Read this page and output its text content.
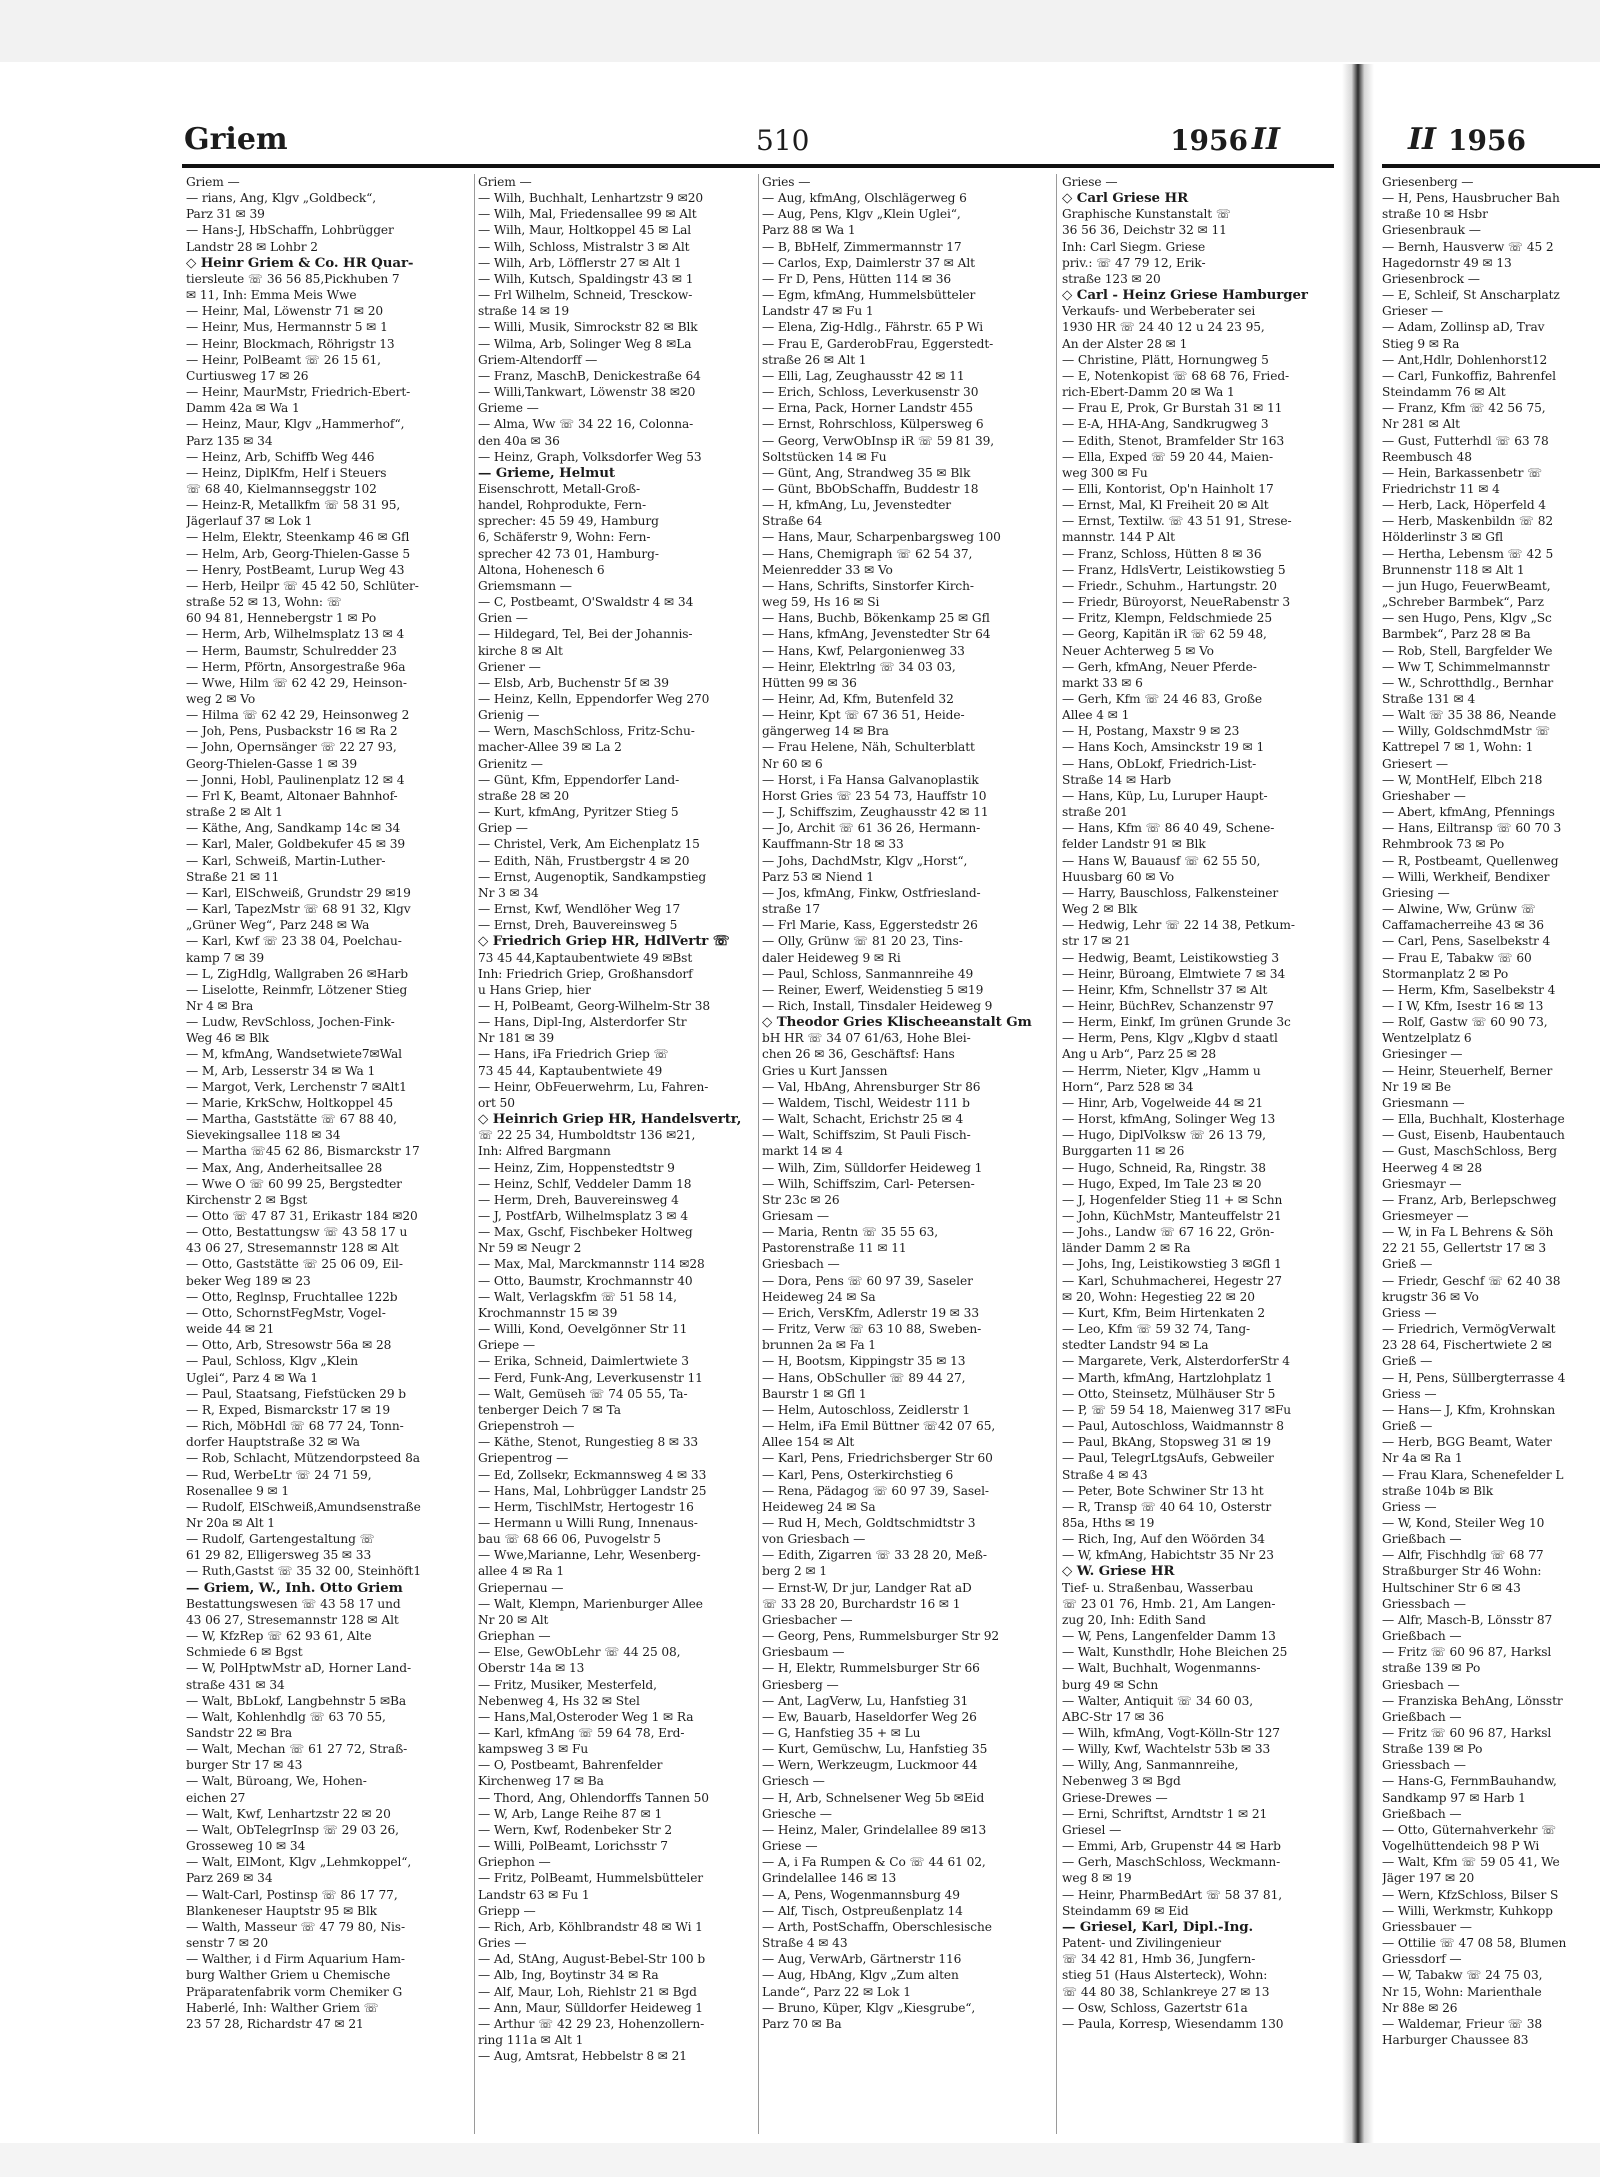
Griem	510	1956 II	II 1956
Griem —
— rians, Ang, Klgv „Goldbeck“,
Parz 31 ✉ 39
— Hans-J, HbSchaffn, Lohbrügger
Landstr 28 ✉ Lohbr 2
◇ Heinr Griem & Co. HR Quar-
tiersleute ☏ 36 56 85,Pickhuben 7
✉ 11, Inh: Emma Meis Wwe
— Heinr, Mal, Löwenstr 71 ✉ 20
— Heinr, Mus, Hermannstr 5 ✉ 1
— Heinr, Blockmach, Röhrigstr 13
— Heinr, PolBeamt ☏ 26 15 61,
Curtiusweg 17 ✉ 26
— Heinr, MaurMstr, Friedrich-Ebert-
Damm 42a ✉ Wa 1
— Heinz, Maur, Klgv „Hammerhof“,
Parz 135 ✉ 34
— Heinz, Arb, Schiffb Weg 446
— Heinz, DiplKfm, Helf i Steuers
☏ 68 40, Kielmannseggstr 102
— Heinz-R, Metallkfm ☏ 58 31 95,
Jägerlauf 37 ✉ Lok 1
— Helm, Elektr, Steenkamp 46 ✉ Gfl
— Helm, Arb, Georg-Thielen-Gasse 5
— Henry, PostBeamt, Lurup Weg 43
— Herb, Heilpr ☏ 45 42 50, Schlüter-
straße 52 ✉ 13, Wohn: ☏
60 94 81, Hennebergstr 1 ✉ Po
— Herm, Arb, Wilhelmsplatz 13 ✉ 4
— Herm, Baumstr, Schulredder 23
— Herm, Pförtn, Ansorgestraße 96a
— Wwe, Hilm ☏ 62 42 29, Heinson-
weg 2 ✉ Vo
— Hilma ☏ 62 42 29, Heinsonweg 2
— Joh, Pens, Pusbackstr 16 ✉ Ra 2
— John, Opernsänger ☏ 22 27 93,
Georg-Thielen-Gasse 1 ✉ 39
— Jonni, Hobl, Paulinenplatz 12 ✉ 4
— Frl K, Beamt, Altonaer Bahnhof-
straße 2 ✉ Alt 1
— Käthe, Ang, Sandkamp 14c ✉ 34
— Karl, Maler, Goldbekufer 45 ✉ 39
— Karl, Schweiß, Martin-Luther-
Straße 21 ✉ 11
— Karl, ElSchweiß, Grundstr 29 ✉19
— Karl, TapezMstr ☏ 68 91 32, Klgv
„Grüner Weg“, Parz 248 ✉ Wa
— Karl, Kwf ☏ 23 38 04, Poelchau-
kamp 7 ✉ 39
— L, ZigHdlg, Wallgraben 26 ✉Harb
— Liselotte, Reinmfr, Lötzener Stieg
Nr 4 ✉ Bra
— Ludw, RevSchloss, Jochen-Fink-
Weg 46 ✉ Blk
— M, kfmAng, Wandsetwiete7✉Wal
— M, Arb, Lesserstr 34 ✉ Wa 1
— Margot, Verk, Lerchenstr 7 ✉Alt1
— Marie, KrkSchw, Holtkoppel 45
— Martha, Gaststätte ☏ 67 88 40,
Sievekingsallee 118 ✉ 34
— Martha ☏45 62 86, Bismarckstr 17
— Max, Ang, Anderheitsallee 28
— Wwe O ☏ 60 99 25, Bergstedter
Kirchenstr 2 ✉ Bgst
— Otto ☏ 47 87 31, Erikastr 184 ✉20
— Otto, Bestattungsw ☏ 43 58 17 u
43 06 27, Stresemannstr 128 ✉ Alt
— Otto, Gaststätte ☏ 25 06 09, Eil-
beker Weg 189 ✉ 23
— Otto, Reglnsp, Fruchtallee 122b
— Otto, SchornstFegMstr, Vogel-
weide 44 ✉ 21
— Otto, Arb, Stresowstr 56a ✉ 28
— Paul, Schloss, Klgv „Klein
Uglei“, Parz 4 ✉ Wa 1
— Paul, Staatsang, Fiefstücken 29 b
— R, Exped, Bismarckstr 17 ✉ 19
— Rich, MöbHdl ☏ 68 77 24, Tonn-
dorfer Hauptstraße 32 ✉ Wa
— Rob, Schlacht, Mützendorpsteed 8a
— Rud, WerbeLtr ☏ 24 71 59,
Rosenallee 9 ✉ 1
— Rudolf, ElSchweiß,Amundsenstraße
Nr 20a ✉ Alt 1
— Rudolf, Gartengestaltung ☏
61 29 82, Elligersweg 35 ✉ 33
— Ruth,Gastst ☏ 35 32 00, Steinhöft1
— Griem, W., Inh. Otto Griem
Bestattungswesen ☏ 43 58 17 und
43 06 27, Stresemannstr 128 ✉ Alt
— W, KfzRep ☏ 62 93 61, Alte
Schmiede 6 ✉ Bgst
— W, PolHptwMstr aD, Horner Land-
straße 431 ✉ 34
— Walt, BbLokf, Langbehnstr 5 ✉Ba
— Walt, Kohlenhdlg ☏ 63 70 55,
Sandstr 22 ✉ Bra
— Walt, Mechan ☏ 61 27 72, Straß-
burger Str 17 ✉ 43
— Walt, Büroang, We, Hohen-
eichen 27
— Walt, Kwf, Lenhartzstr 22 ✉ 20
— Walt, ObTelegrInsp ☏ 29 03 26,
Grosseweg 10 ✉ 34
— Walt, ElMont, Klgv „Lehmkoppel“,
Parz 269 ✉ 34
— Walt-Carl, Postinsp ☏ 86 17 77,
Blankeneser Hauptstr 95 ✉ Blk
— Walth, Masseur ☏ 47 79 80, Nis-
senstr 7 ✉ 20
— Walther, i d Firm Aquarium Ham-
burg Walther Griem u Chemische
Präparatenfabrik vorm Chemiker G
Haberlé, Inh: Walther Griem ☏
23 57 28, Richardstr 47 ✉ 21
Griem —
— Wilh, Buchhalt, Lenhartzstr 9 ✉20
— Wilh, Mal, Friedensallee 99 ✉ Alt
— Wilh, Maur, Holtkoppel 45 ✉ Lal
— Wilh, Schloss, Mistralstr 3 ✉ Alt
— Wilh, Arb, Löfflerstr 27 ✉ Alt 1
— Wilh, Kutsch, Spaldingstr 43 ✉ 1
— Frl Wilhelm, Schneid, Tresckow-
straße 14 ✉ 19
— Willi, Musik, Simrockstr 82 ✉ Blk
— Wilma, Arb, Solinger Weg 8 ✉La
Griem-Altendorff —
— Franz, MaschB, Denickestraße 64
— Willi,Tankwart, Löwenstr 38 ✉20
Grieme —
— Alma, Ww ☏ 34 22 16, Colonna-
den 40a ✉ 36
— Heinz, Graph, Volksdorfer Weg 53
— Grieme, Helmut
Eisenschrott, Metall-Groß-
handel, Rohprodukte, Fern-
sprecher: 45 59 49, Hamburg
6, Schäferstr 9, Wohn: Fern-
sprecher 42 73 01, Hamburg-
Altona, Hohenesch 6
Griemsmann —
— C, Postbeamt, O'Swaldstr 4 ✉ 34
Grien —
— Hildegard, Tel, Bei der Johannis-
kirche 8 ✉ Alt
Griener —
— Elsb, Arb, Buchenstr 5f ✉ 39
— Heinz, Kelln, Eppendorfer Weg 270
Grienig —
— Wern, MaschSchloss, Fritz-Schu-
macher-Allee 39 ✉ La 2
Grienitz —
— Günt, Kfm, Eppendorfer Land-
straße 28 ✉ 20
— Kurt, kfmAng, Pyritzer Stieg 5
Griep —
— Christel, Verk, Am Eichenplatz 15
— Edith, Näh, Frustbergstr 4 ✉ 20
— Ernst, Augenoptik, Sandkampstieg
Nr 3 ✉ 34
— Ernst, Kwf, Wendlöher Weg 17
— Ernst, Dreh, Bauvereinsweg 5
◇ Friedrich Griep HR, HdlVertr ☏
73 45 44,Kaptaubentwiete 49 ✉Bst
Inh: Friedrich Griep, Großhansdorf
u Hans Griep, hier
— H, PolBeamt, Georg-Wilhelm-Str 38
— Hans, Dipl-Ing, Alsterdorfer Str
Nr 181 ✉ 39
— Hans, iFa Friedrich Griep ☏
73 45 44, Kaptaubentwiete 49
— Heinr, ObFeuerwehrm, Lu, Fahren-
ort 50
◇ Heinrich Griep HR, Handelsvertr,
☏ 22 25 34, Humboldtstr 136 ✉21,
Inh: Alfred Bargmann
— Heinz, Zim, Hoppenstedtstr 9
— Heinz, Schlf, Veddeler Damm 18
— Herm, Dreh, Bauvereinsweg 4
— J, PostfArb, Wilhelmsplatz 3 ✉ 4
— Max, Gschf, Fischbeker Holtweg
Nr 59 ✉ Neugr 2
— Max, Mal, Marckmannstr 114 ✉28
— Otto, Baumstr, Krochmannstr 40
— Walt, Verlagskfm ☏ 51 58 14,
Krochmannstr 15 ✉ 39
— Willi, Kond, Oevelgönner Str 11
Griepe —
— Erika, Schneid, Daimlertwiete 3
— Ferd, Funk-Ang, Leverkusenstr 11
— Walt, Gemüseh ☏ 74 05 55, Ta-
tenberger Deich 7 ✉ Ta
Griepenstroh —
— Käthe, Stenot, Rungestieg 8 ✉ 33
Griepentrog —
— Ed, Zollsekr, Eckmannsweg 4 ✉ 33
— Hans, Mal, Lohbrügger Landstr 25
— Herm, TischlMstr, Hertogestr 16
— Hermann u Willi Rung, Innenaus-
bau ☏ 68 66 06, Puvogelstr 5
— Wwe,Marianne, Lehr, Wesenberg-
allee 4 ✉ Ra 1
Griepernau —
— Walt, Klempn, Marienburger Allee
Nr 20 ✉ Alt
Griephan —
— Else, GewObLehr ☏ 44 25 08,
Oberstr 14a ✉ 13
— Fritz, Musiker, Mesterfeld,
Nebenweg 4, Hs 32 ✉ Stel
— Hans,Mal,Osteroder Weg 1 ✉ Ra
— Karl, kfmAng ☏ 59 64 78, Erd-
kampsweg 3 ✉ Fu
— O, Postbeamt, Bahrenfelder
Kirchenweg 17 ✉ Ba
— Thord, Ang, Ohlendorffs Tannen 50
— W, Arb, Lange Reihe 87 ✉ 1
— Wern, Kwf, Rodenbeker Str 2
— Willi, PolBeamt, Lorichsstr 7
Griephon —
— Fritz, PolBeamt, Hummelsbütteler
Landstr 63 ✉ Fu 1
Griepp —
— Rich, Arb, Köhlbrandstr 48 ✉ Wi 1
Gries —
— Ad, StAng, August-Bebel-Str 100 b
— Alb, Ing, Boytinstr 34 ✉ Ra
— Alf, Maur, Loh, Riehlstr 21 ✉ Bgd
— Ann, Maur, Sülldorfer Heideweg 1
— Arthur ☏ 42 29 23, Hohenzollern-
ring 111a ✉ Alt 1
— Aug, Amtsrat, Hebbelstr 8 ✉ 21
Gries —
— Aug, kfmAng, Olschlägerweg 6
— Aug, Pens, Klgv „Klein Uglei“,
Parz 88 ✉ Wa 1
— B, BbHelf, Zimmermannstr 17
— Carlos, Exp, Daimlerstr 37 ✉ Alt
— Fr D, Pens, Hütten 114 ✉ 36
— Egm, kfmAng, Hummelsbütteler
Landstr 47 ✉ Fu 1
— Elena, Zig-Hdlg., Fährstr. 65 P Wi
— Frau E, GarderobFrau, Eggerstedt-
straße 26 ✉ Alt 1
— Elli, Lag, Zeughausstr 42 ✉ 11
— Erich, Schloss, Leverkusenstr 30
— Erna, Pack, Horner Landstr 455
— Ernst, Rohrschloss, Külpersweg 6
— Georg, VerwObInsp iR ☏ 59 81 39,
Soltstücken 14 ✉ Fu
— Günt, Ang, Strandweg 35 ✉ Blk
— Günt, BbObSchaffn, Buddestr 18
— H, kfmAng, Lu, Jevenstedter
Straße 64
— Hans, Maur, Scharpenbargsweg 100
— Hans, Chemigraph ☏ 62 54 37,
Meienredder 33 ✉ Vo
— Hans, Schrifts, Sinstorfer Kirch-
weg 59, Hs 16 ✉ Si
— Hans, Buchb, Bökenkamp 25 ✉ Gfl
— Hans, kfmAng, Jevenstedter Str 64
— Hans, Kwf, Pelargonienweg 33
— Heinr, Elektrlng ☏ 34 03 03,
Hütten 99 ✉ 36
— Heinr, Ad, Kfm, Butenfeld 32
— Heinr, Kpt ☏ 67 36 51, Heide-
gängerweg 14 ✉ Bra
— Frau Helene, Näh, Schulterblatt
Nr 60 ✉ 6
— Horst, i Fa Hansa Galvanoplastik
Horst Gries ☏ 23 54 73, Hauffstr 10
— J, Schiffszim, Zeughausstr 42 ✉ 11
— Jo, Archit ☏ 61 36 26, Hermann-
Kauffmann-Str 18 ✉ 33
— Johs, DachdMstr, Klgv „Horst“,
Parz 53 ✉ Niend 1
— Jos, kfmAng, Finkw, Ostfriesland-
straße 17
— Frl Marie, Kass, Eggerstedstr 26
— Olly, Grünw ☏ 81 20 23, Tins-
daler Heideweg 9 ✉ Ri
— Paul, Schloss, Sanmannreihe 49
— Reiner, Ewerf, Weidenstieg 5 ✉19
— Rich, Install, Tinsdaler Heideweg 9
◇ Theodor Gries Klischeeanstalt Gm
bH HR ☏ 34 07 61/63, Hohe Blei-
chen 26 ✉ 36, Geschäftsf: Hans
Gries u Kurt Janssen
— Val, HbAng, Ahrensburger Str 86
— Waldem, Tischl, Weidestr 111 b
— Walt, Schacht, Erichstr 25 ✉ 4
— Walt, Schiffszim, St Pauli Fisch-
markt 14 ✉ 4
— Wilh, Zim, Sülldorfer Heideweg 1
— Wilh, Schiffszim, Carl- Petersen-
Str 23c ✉ 26
Griesam —
— Maria, Rentn ☏ 35 55 63,
Pastorenstraße 11 ✉ 11
Griesbach —
— Dora, Pens ☏ 60 97 39, Saseler
Heideweg 24 ✉ Sa
— Erich, VersKfm, Adlerstr 19 ✉ 33
— Fritz, Verw ☏ 63 10 88, Sweben-
brunnen 2a ✉ Fa 1
— H, Bootsm, Kippingstr 35 ✉ 13
— Hans, ObSchuller ☏ 89 44 27,
Baurstr 1 ✉ Gfl 1
— Helm, Autoschloss, Zeidlerstr 1
— Helm, iFa Emil Büttner ☏42 07 65,
Allee 154 ✉ Alt
— Karl, Pens, Friedrichsberger Str 60
— Karl, Pens, Osterkirchstieg 6
— Rena, Pädagog ☏ 60 97 39, Sasel-
Heideweg 24 ✉ Sa
— Rud H, Mech, Goldtschmidtstr 3
von Griesbach —
— Edith, Zigarren ☏ 33 28 20, Meß-
berg 2 ✉ 1
— Ernst-W, Dr jur, Landger Rat aD
☏ 33 28 20, Burchardstr 16 ✉ 1
Griesbacher —
— Georg, Pens, Rummelsburger Str 92
Griesbaum —
— H, Elektr, Rummelsburger Str 66
Griesberg —
— Ant, LagVerw, Lu, Hanfstieg 31
— Ew, Bauarb, Haseldorfer Weg 26
— G, Hanfstieg 35 + ✉ Lu
— Kurt, Gemüschw, Lu, Hanfstieg 35
— Wern, Werkzeugm, Luckmoor 44
Griesch —
— H, Arb, Schnelsener Weg 5b ✉Eid
Griesche —
— Heinz, Maler, Grindelallee 89 ✉13
Griese —
— A, i Fa Rumpen & Co ☏ 44 61 02,
Grindelallee 146 ✉ 13
— A, Pens, Wogenmannsburg 49
— Alf, Tisch, Ostpreußenplatz 14
— Arth, PostSchaffn, Oberschlesische
Straße 4 ✉ 43
— Aug, VerwArb, Gärtnerstr 116
— Aug, HbAng, Klgv „Zum alten
Lande“, Parz 22 ✉ Lok 1
— Bruno, Küper, Klgv „Kiesgrube“,
Parz 70 ✉ Ba
Griese —
◇ Carl Griese HR
Graphische Kunstanstalt ☏
36 56 36, Deichstr 32 ✉ 11
Inh: Carl Siegm. Griese
priv.: ☏ 47 79 12, Erik-
straße 123 ✉ 20
◇ Carl - Heinz Griese Hamburger
Verkaufs- und Werbeberater sei
1930 HR ☏ 24 40 12 u 24 23 95,
An der Alster 28 ✉ 1
— Christine, Plätt, Hornungweg 5
— E, Notenkopist ☏ 68 68 76, Fried-
rich-Ebert-Damm 20 ✉ Wa 1
— Frau E, Prok, Gr Burstah 31 ✉ 11
— E-A, HHA-Ang, Sandkrugweg 3
— Edith, Stenot, Bramfelder Str 163
— Ella, Exped ☏ 59 20 44, Maien-
weg 300 ✉ Fu
— Elli, Kontorist, Op'n Hainholt 17
— Ernst, Mal, Kl Freiheit 20 ✉ Alt
— Ernst, Textilw. ☏ 43 51 91, Strese-
mannstr. 144 P Alt
— Franz, Schloss, Hütten 8 ✉ 36
— Franz, HdlsVertr, Leistikowstieg 5
— Friedr., Schuhm., Hartungstr. 20
— Friedr, Büroyorst, NeueRabenstr 3
— Fritz, Klempn, Feldschmiede 25
— Georg, Kapitän iR ☏ 62 59 48,
Neuer Achterweg 5 ✉ Vo
— Gerh, kfmAng, Neuer Pferde-
markt 33 ✉ 6
— Gerh, Kfm ☏ 24 46 83, Große
Allee 4 ✉ 1
— H, Postang, Maxstr 9 ✉ 23
— Hans Koch, Amsinckstr 19 ✉ 1
— Hans, ObLokf, Friedrich-List-
Straße 14 ✉ Harb
— Hans, Küp, Lu, Luruper Haupt-
straße 201
— Hans, Kfm ☏ 86 40 49, Schene-
felder Landstr 91 ✉ Blk
— Hans W, Bauausf ☏ 62 55 50,
Huusbarg 60 ✉ Vo
— Harry, Bauschloss, Falkensteiner
Weg 2 ✉ Blk
— Hedwig, Lehr ☏ 22 14 38, Petkum-
str 17 ✉ 21
— Hedwig, Beamt, Leistikowstieg 3
— Heinr, Büroang, Elmtwiete 7 ✉ 34
— Heinr, Kfm, Schnellstr 37 ✉ Alt
— Heinr, BüchRev, Schanzenstr 97
— Herm, Einkf, Im grünen Grunde 3c
— Herm, Pens, Klgv „Klgbv d staatl
Ang u Arb“, Parz 25 ✉ 28
— Herrm, Nieter, Klgv „Hamm u
Horn“, Parz 528 ✉ 34
— Hinr, Arb, Vogelweide 44 ✉ 21
— Horst, kfmAng, Solinger Weg 13
— Hugo, DiplVolksw ☏ 26 13 79,
Burggarten 11 ✉ 26
— Hugo, Schneid, Ra, Ringstr. 38
— Hugo, Exped, Im Tale 23 ✉ 20
— J, Hogenfelder Stieg 11 + ✉ Schn
— John, KüchMstr, Manteuffelstr 21
— Johs., Landw ☏ 67 16 22, Grön-
länder Damm 2 ✉ Ra
— Johs, Ing, Leistikowstieg 3 ✉Gfl 1
— Karl, Schuhmacherei, Hegestr 27
✉ 20, Wohn: Hegestieg 22 ✉ 20
— Kurt, Kfm, Beim Hirtenkaten 2
— Leo, Kfm ☏ 59 32 74, Tang-
stedter Landstr 94 ✉ La
— Margarete, Verk, AlsterdorferStr 4
— Marth, kfmAng, Hartzlohplatz 1
— Otto, Steinsetz, Mülhäuser Str 5
— P, ☏ 59 54 18, Maienweg 317 ✉Fu
— Paul, Autoschloss, Waidmannstr 8
— Paul, BkAng, Stopsweg 31 ✉ 19
— Paul, TelegrLtgsAufs, Gebweiler
Straße 4 ✉ 43
— Peter, Bote Schwiner Str 13 ht
— R, Transp ☏ 40 64 10, Osterstr
85a, Hths ✉ 19
— Rich, Ing, Auf den Wöörden 34
— W, kfmAng, Habichtstr 35 Nr 23
◇ W. Griese HR
Tief- u. Straßenbau, Wasserbau
☏ 23 01 76, Hmb. 21, Am Langen-
zug 20, Inh: Edith Sand
— W, Pens, Langenfelder Damm 13
— Walt, Kunsthdlr, Hohe Bleichen 25
— Walt, Buchhalt, Wogenmanns-
burg 49 ✉ Schn
— Walter, Antiquit ☏ 34 60 03,
ABC-Str 17 ✉ 36
— Wilh, kfmAng, Vogt-Kölln-Str 127
— Willy, Kwf, Wachtelstr 53b ✉ 33
— Willy, Ang, Sanmannreihe,
Nebenweg 3 ✉ Bgd
Griese-Drewes —
— Erni, Schriftst, Arndtstr 1 ✉ 21
Griesel —
— Emmi, Arb, Grupenstr 44 ✉ Harb
— Gerh, MaschSchloss, Weckmann-
weg 8 ✉ 19
— Heinr, PharmBedArt ☏ 58 37 81,
Steindamm 69 ✉ Eid
— Griesel, Karl, Dipl.-Ing.
Patent- und Zivilingenieur
☏ 34 42 81, Hmb 36, Jungfern-
stieg 51 (Haus Alsterteck), Wohn:
☏ 44 80 38, Schlankreye 27 ✉ 13
— Osw, Schloss, Gazertstr 61a
— Paula, Korresp, Wiesendamm 130
Griesenberg —
— H, Pens, Hausbrucher Bah
straße 10 ✉ Hsbr
Griesenbrauk —
— Bernh, Hausverw ☏ 45 2
Hagedornstr 49 ✉ 13
Griesenbrock —
— E, Schleif, St Anscharplatz
Grieser —
— Adam, Zollinsp aD, Trav
Stieg 9 ✉ Ra
— Ant,Hdlr, Dohlenhorst12
— Carl, Funkoffiz, Bahrenfel
Steindamm 76 ✉ Alt
— Franz, Kfm ☏ 42 56 75,
Nr 281 ✉ Alt
— Gust, Futterhdl ☏ 63 78
Reembusch 48
— Hein, Barkassenbetr ☏
Friedrichstr 11 ✉ 4
— Herb, Lack, Höperfeld 4
— Herb, Maskenbildn ☏ 82
Hölderlinstr 3 ✉ Gfl
— Hertha, Lebensm ☏ 42 5
Brunnenstr 118 ✉ Alt 1
— jun Hugo, FeuerwBeamt,
„Schreber Barmbek“, Parz
— sen Hugo, Pens, Klgv „Sc
Barmbek“, Parz 28 ✉ Ba
— Rob, Stell, Bargfelder We
— Ww T, Schimmelmannstr
— W., Schrotthdlg., Bernhar
Straße 131 ✉ 4
— Walt ☏ 35 38 86, Neande
— Willy, GoldschmdMstr ☏
Kattrepel 7 ✉ 1, Wohn: 1
Griesert —
— W, MontHelf, Elbch 218
Grieshaber —
— Abert, kfmAng, Pfennings
— Hans, Eiltransp ☏ 60 70 3
Rehmbrook 73 ✉ Po
— R, Postbeamt, Quellenweg
— Willi, Werkheif, Bendixer
Griesing —
— Alwine, Ww, Grünw ☏
Caffamacherreihe 43 ✉ 36
— Carl, Pens, Saselbekstr 4
— Frau E, Tabakw ☏ 60
Stormanplatz 2 ✉ Po
— Herm, Kfm, Saselbekstr 4
— I W, Kfm, Isestr 16 ✉ 13
— Rolf, Gastw ☏ 60 90 73,
Wentzelplatz 6
Griesinger —
— Heinr, Steuerhelf, Berner
Nr 19 ✉ Be
Griesmann —
— Ella, Buchhalt, Klosterhage
— Gust, Eisenb, Haubentauch
— Gust, MaschSchloss, Berg
Heerweg 4 ✉ 28
Griesmayr —
— Franz, Arb, Berlepschweg
Griesmeyer —
— W, in Fa L Behrens & Söh
22 21 55, Gellertstr 17 ✉ 3
Grieß —
— Friedr, Geschf ☏ 62 40 38
krugstr 36 ✉ Vo
Griess —
— Friedrich, VermögVerwalt
23 28 64, Fischertwiete 2 ✉
Grieß —
— H, Pens, Süllbergterrasse 4
Griess —
— Hans— J, Kfm, Krohnskan
Grieß —
— Herb, BGG Beamt, Water
Nr 4a ✉ Ra 1
— Frau Klara, Schenefelder L
straße 104b ✉ Blk
Griess —
— W, Kond, Steiler Weg 10
Grießbach —
— Alfr, Fischhdlg ☏ 68 77
Straßburger Str 46 Wohn:
Hultschiner Str 6 ✉ 43
Griessbach —
— Alfr, Masch-B, Lönsstr 87
Grießbach —
— Fritz ☏ 60 96 87, Harksl
straße 139 ✉ Po
Griesbach —
— Franziska BehAng, Lönsstr
Grießbach —
— Fritz ☏ 60 96 87, Harksl
Straße 139 ✉ Po
Griessbach —
— Hans-G, FernmBauhandw,
Sandkamp 97 ✉ Harb 1
Grießbach —
— Otto, Güternahverkehr ☏
Vogelhüttendeich 98 P Wi
— Walt, Kfm ☏ 59 05 41, We
Jäger 197 ✉ 20
— Wern, KfzSchloss, Bilser S
— Willi, Werkmstr, Kuhkopp
Griessbauer —
— Ottilie ☏ 47 08 58, Blumen
Griessdorf —
— W, Tabakw ☏ 24 75 03,
Nr 15, Wohn: Marienthale
Nr 88e ✉ 26
— Waldemar, Frieur ☏ 38
Harburger Chaussee 83
